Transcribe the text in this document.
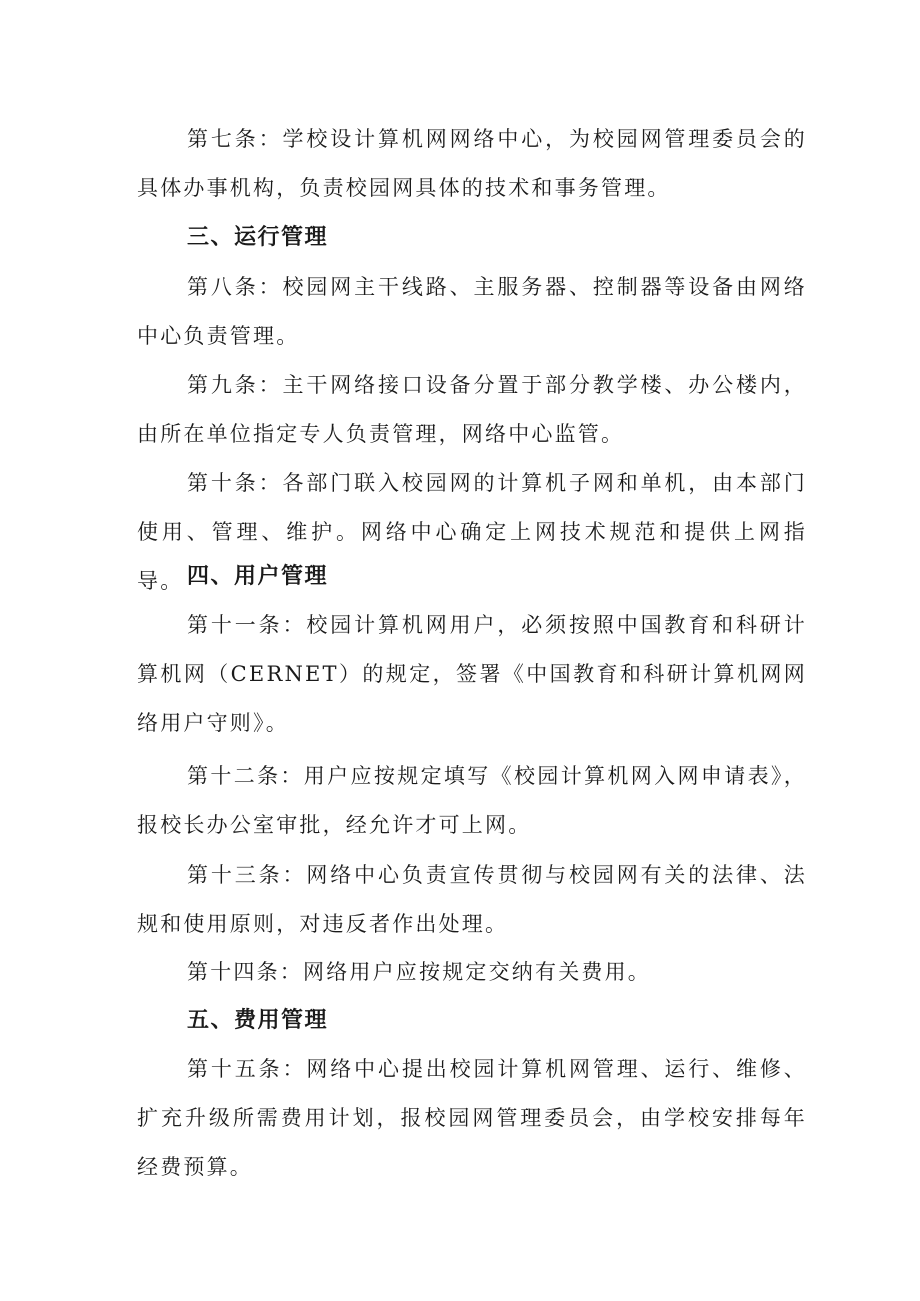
第七条：学校设计算机网网络中心，为校园网管理委员会的具体办事机构，负责校园网具体的技术和事务管理。

三、运行管理

第八条：校园网主干线路、主服务器、控制器等设备由网络中心负责管理。

第九条：主干网络接口设备分置于部分教学楼、办公楼内，由所在单位指定专人负责管理，网络中心监管。

第十条：各部门联入校园网的计算机子网和单机，由本部门使用、管理、维护。网络中心确定上网技术规范和提供上网指导。 四、用户管理

第十一条：校园计算机网用户，必须按照中国教育和科研计算机网（CERNET）的规定，签署《中国教育和科研计算机网网络用户守则》。

第十二条：用户应按规定填写《校园计算机网入网申请表》，报校长办公室审批，经允许才可上网。

第十三条：网络中心负责宣传贯彻与校园网有关的法律、法规和使用原则，对违反者作出处理。

第十四条：网络用户应按规定交纳有关费用。

五、费用管理

第十五条：网络中心提出校园计算机网管理、运行、维修、扩充升级所需费用计划，报校园网管理委员会，由学校安排每年经费预算。
